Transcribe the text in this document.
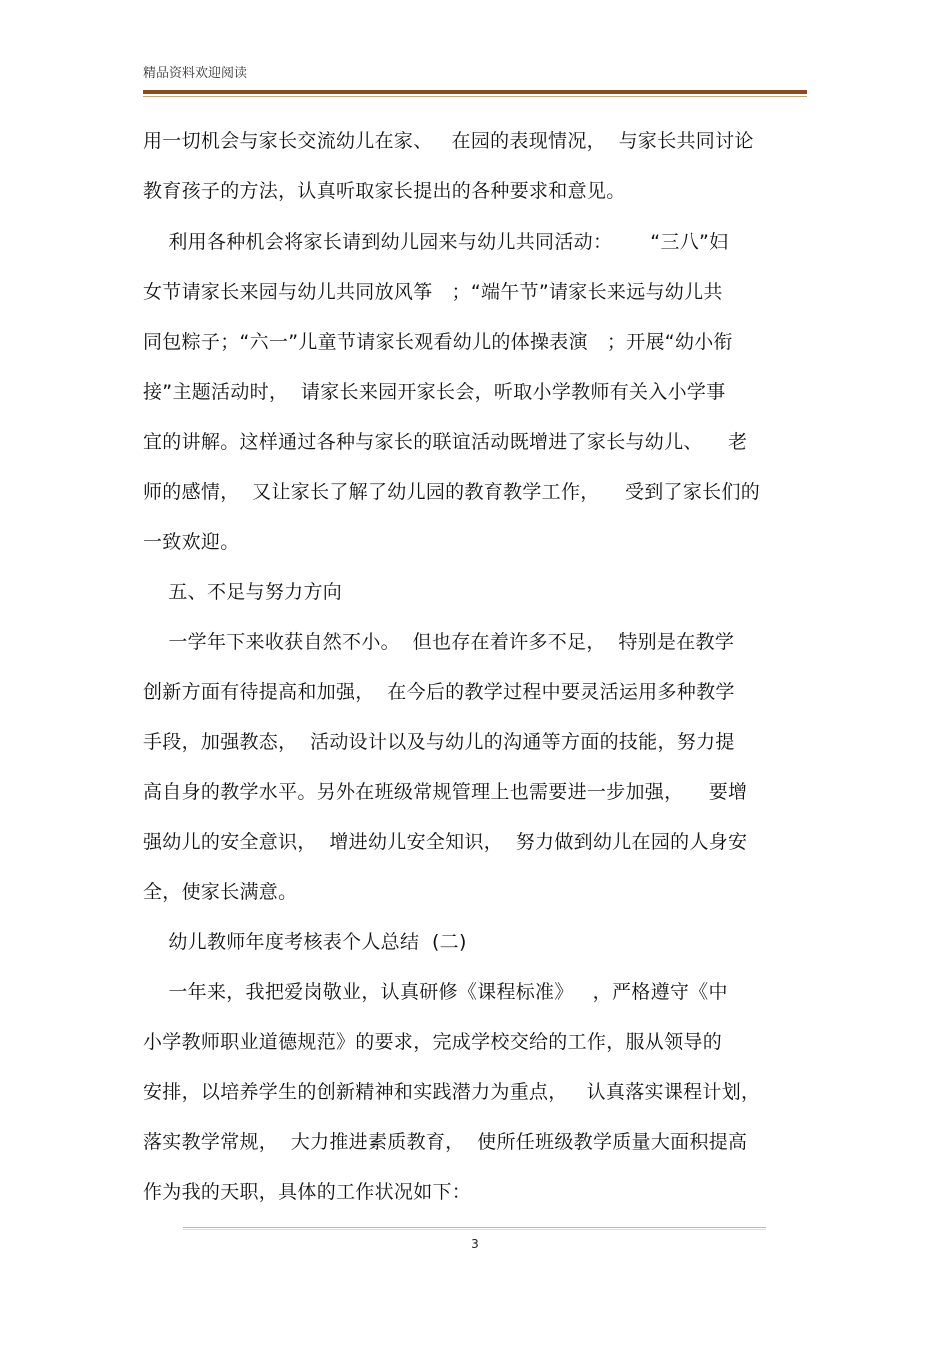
精品资料欢迎阅读
用一切机会与家长交流幼儿在家、   在园的表现情况，  与家长共同讨论
教育孩子的方法，认真听取家长提出的各种要求和意见。
利用各种机会将家长请到幼儿园来与幼儿共同活动：      “三八”妇
女节请家长来园与幼儿共同放风筝   ；“端午节”请家长来远与幼儿共
同包粽子；“六一”儿童节请家长观看幼儿的体操表演   ；开展“幼小衔
接”主题活动时，  请家长来园开家长会，听取小学教师有关入小学事
宜的讲解。这样通过各种与家长的联谊活动既增进了家长与幼儿、    老
师的感情，  又让家长了解了幼儿园的教育教学工作，    受到了家长们的
一致欢迎。
五、不足与努力方向
一学年下来收获自然不小。  但也存在着许多不足，  特别是在教学
创新方面有待提高和加强，  在今后的教学过程中要灵活运用多种教学
手段，加强教态，  活动设计以及与幼儿的沟通等方面的技能，努力提
高自身的教学水平。另外在班级常规管理上也需要进一步加强，    要增
强幼儿的安全意识，  增进幼儿安全知识，  努力做到幼儿在园的人身安
全，使家长满意。
幼儿教师年度考核表个人总结  (二)
一年来，我把爱岗敬业，认真研修《课程标准》   ，严格遵守《中
小学教师职业道德规范》的要求，完成学校交给的工作，服从领导的
安排，以培养学生的创新精神和实践潜力为重点，   认真落实课程计划，
落实教学常规，  大力推进素质教育，  使所任班级教学质量大面积提高
作为我的天职，具体的工作状况如下：
3
